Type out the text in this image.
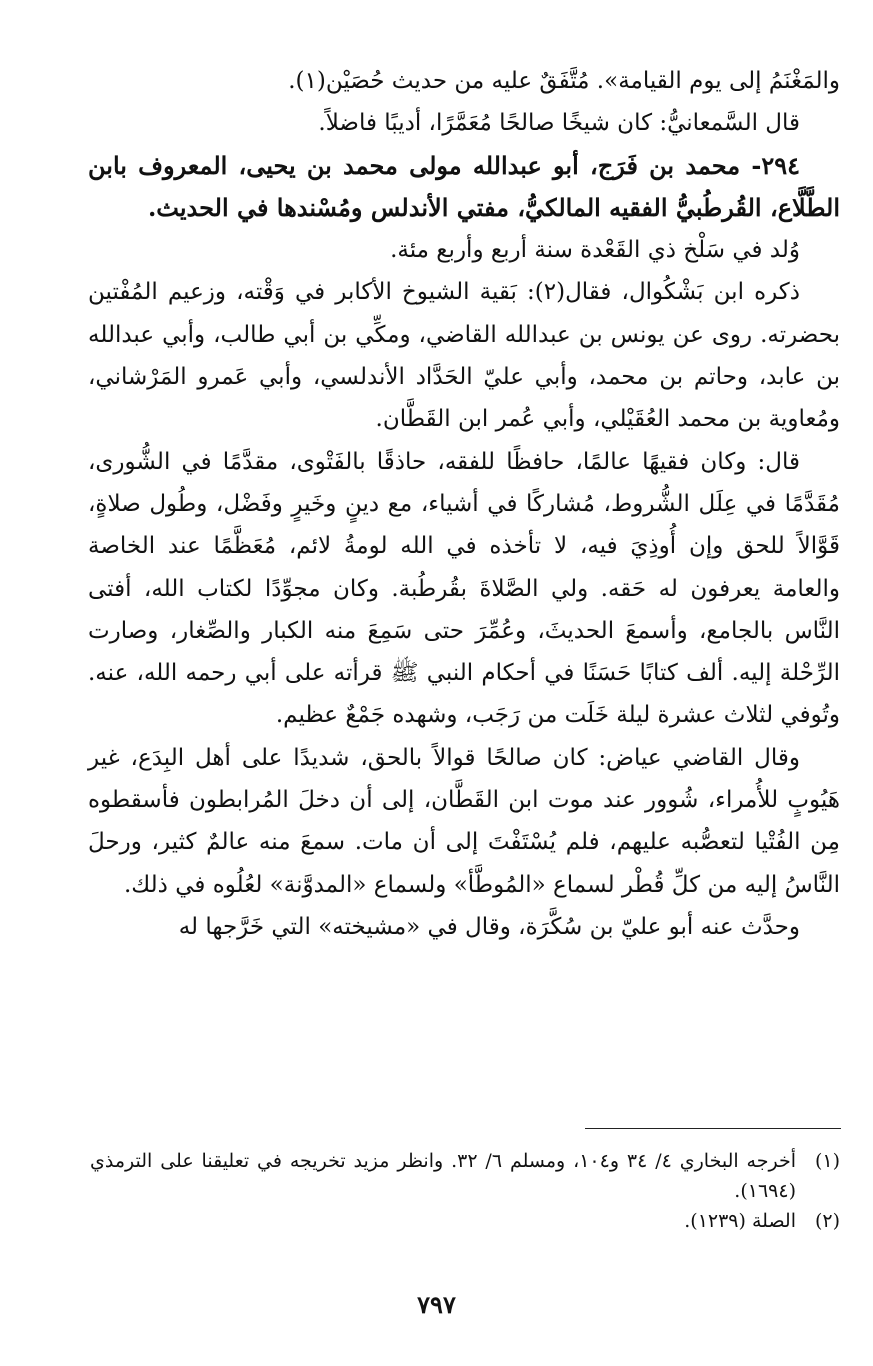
والمَغْنَمُ إلى يوم القيامة». مُتَّفَقٌ عليه من حديث حُصَيْن(١).

قال السَّمعانيُّ: كان شيخًا صالحًا مُعَمَّرًا، أديبًا فاضلاً.

٢٩٤- محمد بن فَرَج، أبو عبدالله مولى محمد بن يحيى، المعروف بابن الطَّلَّاع، القُرطُبيُّ الفقيه المالكيُّ، مفتي الأندلس ومُسْندها في الحديث.

وُلد في سَلْخ ذي القَعْدة سنة أربع وأربع مئة.

ذكره ابن بَشْكُوال، فقال(٢): بَقية الشيوخ الأكابر في وَقْته، وزعيم المُفْتين بحضرته. روى عن يونس بن عبدالله القاضي، ومكِّي بن أبي طالب، وأبي عبدالله بن عابد، وحاتم بن محمد، وأبي عليّ الحَدَّاد الأندلسي، وأبي عَمرو المَرْشاني، ومُعاوية بن محمد العُقَيْلي، وأبي عُمر ابن القَطَّان.

قال: وكان فقيهًا عالمًا، حافظًا للفقه، حاذقًا بالفَتْوى، مقدَّمًا في الشُّورى، مُقَدَّمًا في عِلَل الشُّروط، مُشاركًا في أشياء، مع دينٍ وخَيرٍ وفَضْل، وطُول صلاةٍ، قَوَّالاً للحق وإن أُوذِيَ فيه، لا تأخذه في الله لومةُ لائم، مُعَظَّمًا عند الخاصة والعامة يعرفون له حَقه. ولي الصَّلاةَ بقُرطُبة. وكان مجوِّدًا لكتاب الله، أفتى النَّاس بالجامع، وأسمعَ الحديثَ، وعُمِّرَ حتى سَمِعَ منه الكبار والصِّغار، وصارت الرِّحْلة إليه. ألف كتابًا حَسَنًا في أحكام النبي ﷺ قرأته على أبي رحمه الله، عنه. وتُوفي لثلاث عشرة ليلة خَلَت من رَجَب، وشهده جَمْعٌ عظيم.

وقال القاضي عياض: كان صالحًا قوالاً بالحق، شديدًا على أهل البِدَع، غير هَيُوبٍ للأُمراء، شُوور عند موت ابن القَطَّان، إلى أن دخلَ المُرابطون فأسقطوه مِن الفُتْيا لتعصُّبه عليهم، فلم يُسْتَفْتَ إلى أن مات. سمعَ منه عالمٌ كثير، ورحلَ النَّاسُ إليه من كلِّ قُطْر لسماع «المُوطَّأ» ولسماع «المدوَّنة» لعُلُوه في ذلك.

وحدَّث عنه أبو عليّ بن سُكَّرَة، وقال في «مشيخته» التي خَرَّجها له

(١)
أخرجه البخاري ٤/ ٣٤ و١٠٤، ومسلم ٦/ ٣٢. وانظر مزيد تخريجه في تعليقنا على الترمذي (١٦٩٤).
(٢)
الصلة (١٢٣٩).
٧٩٧
